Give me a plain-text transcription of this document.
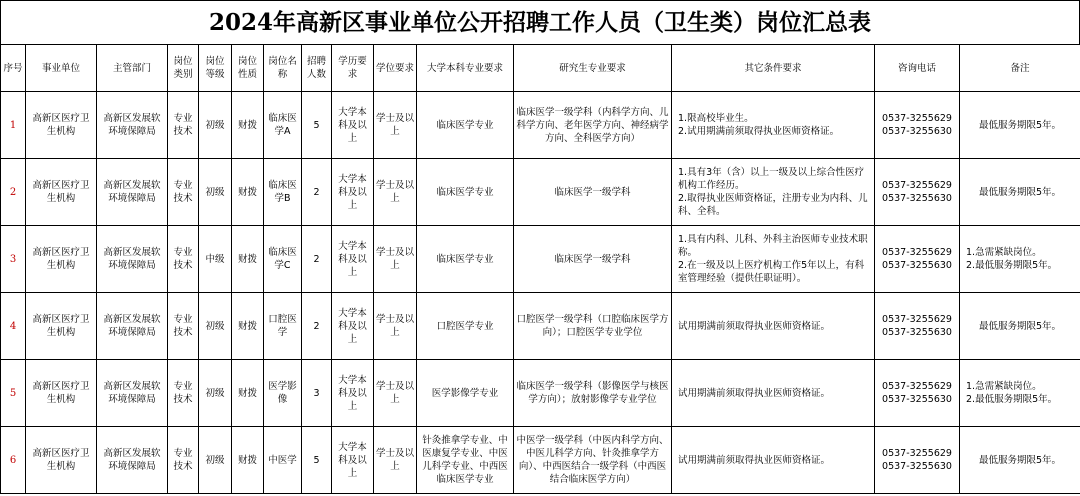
2024年高新区事业单位公开招聘工作人员（卫生类）岗位汇总表
序号	事业单位	主管部门	岗位类别	岗位等级	岗位性质	岗位名称	招聘人数	学历要求	学位要求	大学本科专业要求	研究生专业要求	其它条件要求	咨询电话	备注
1	高新区医疗卫生机构	高新区发展软环境保障局	专业技术	初级	财拨	临床医学A	5	大学本科及以上	学士及以上	临床医学专业	临床医学一级学科（内科学方向、儿科学方向、老年医学方向、神经病学方向、全科医学方向）	1.限高校毕业生。
2.试用期满前须取得执业医师资格证。	0537-3255629
0537-3255630	最低服务期限5年。

2	高新区医疗卫生机构	高新区发展软环境保障局	专业技术	初级	财拨	临床医学B	2	大学本科及以上	学士及以上	临床医学专业	临床医学一级学科	1.具有3年（含）以上一级及以上综合性医疗机构工作经历。
2.取得执业医师资格证，注册专业为内科、儿科、全科。	0537-3255629
0537-3255630	最低服务期限5年。

3	高新区医疗卫生机构	高新区发展软环境保障局	专业技术	中级	财拨	临床医学C	2	大学本科及以上	学士及以上	临床医学专业	临床医学一级学科	1.具有内科、儿科、外科主治医师专业技术职称。
2.在一级及以上医疗机构工作5年以上，有科室管理经验（提供任职证明）。	0537-3255629
0537-3255630	1.急需紧缺岗位。
2.最低服务期限5年。

4	高新区医疗卫生机构	高新区发展软环境保障局	专业技术	初级	财拨	口腔医学	2	大学本科及以上	学士及以上	口腔医学专业	口腔医学一级学科（口腔临床医学方向）；口腔医学专业学位	试用期满前须取得执业医师资格证。	0537-3255629
0537-3255630	最低服务期限5年。

5	高新区医疗卫生机构	高新区发展软环境保障局	专业技术	初级	财拨	医学影像	3	大学本科及以上	学士及以上	医学影像学专业	临床医学一级学科（影像医学与核医学方向）；放射影像学专业学位	试用期满前须取得执业医师资格证。	0537-3255629
0537-3255630	1.急需紧缺岗位。
2.最低服务期限5年。

6	高新区医疗卫生机构	高新区发展软环境保障局	专业技术	初级	财拨	中医学	5	大学本科及以上	学士及以上	针灸推拿学专业、中医康复学专业、中医儿科学专业、中西医临床医学专业	中医学一级学科（中医内科学方向、中医儿科学方向、针灸推拿学方向）、中西医结合一级学科（中西医结合临床医学方向）	试用期满前须取得执业医师资格证。	0537-3255629
0537-3255630	最低服务期限5年。
